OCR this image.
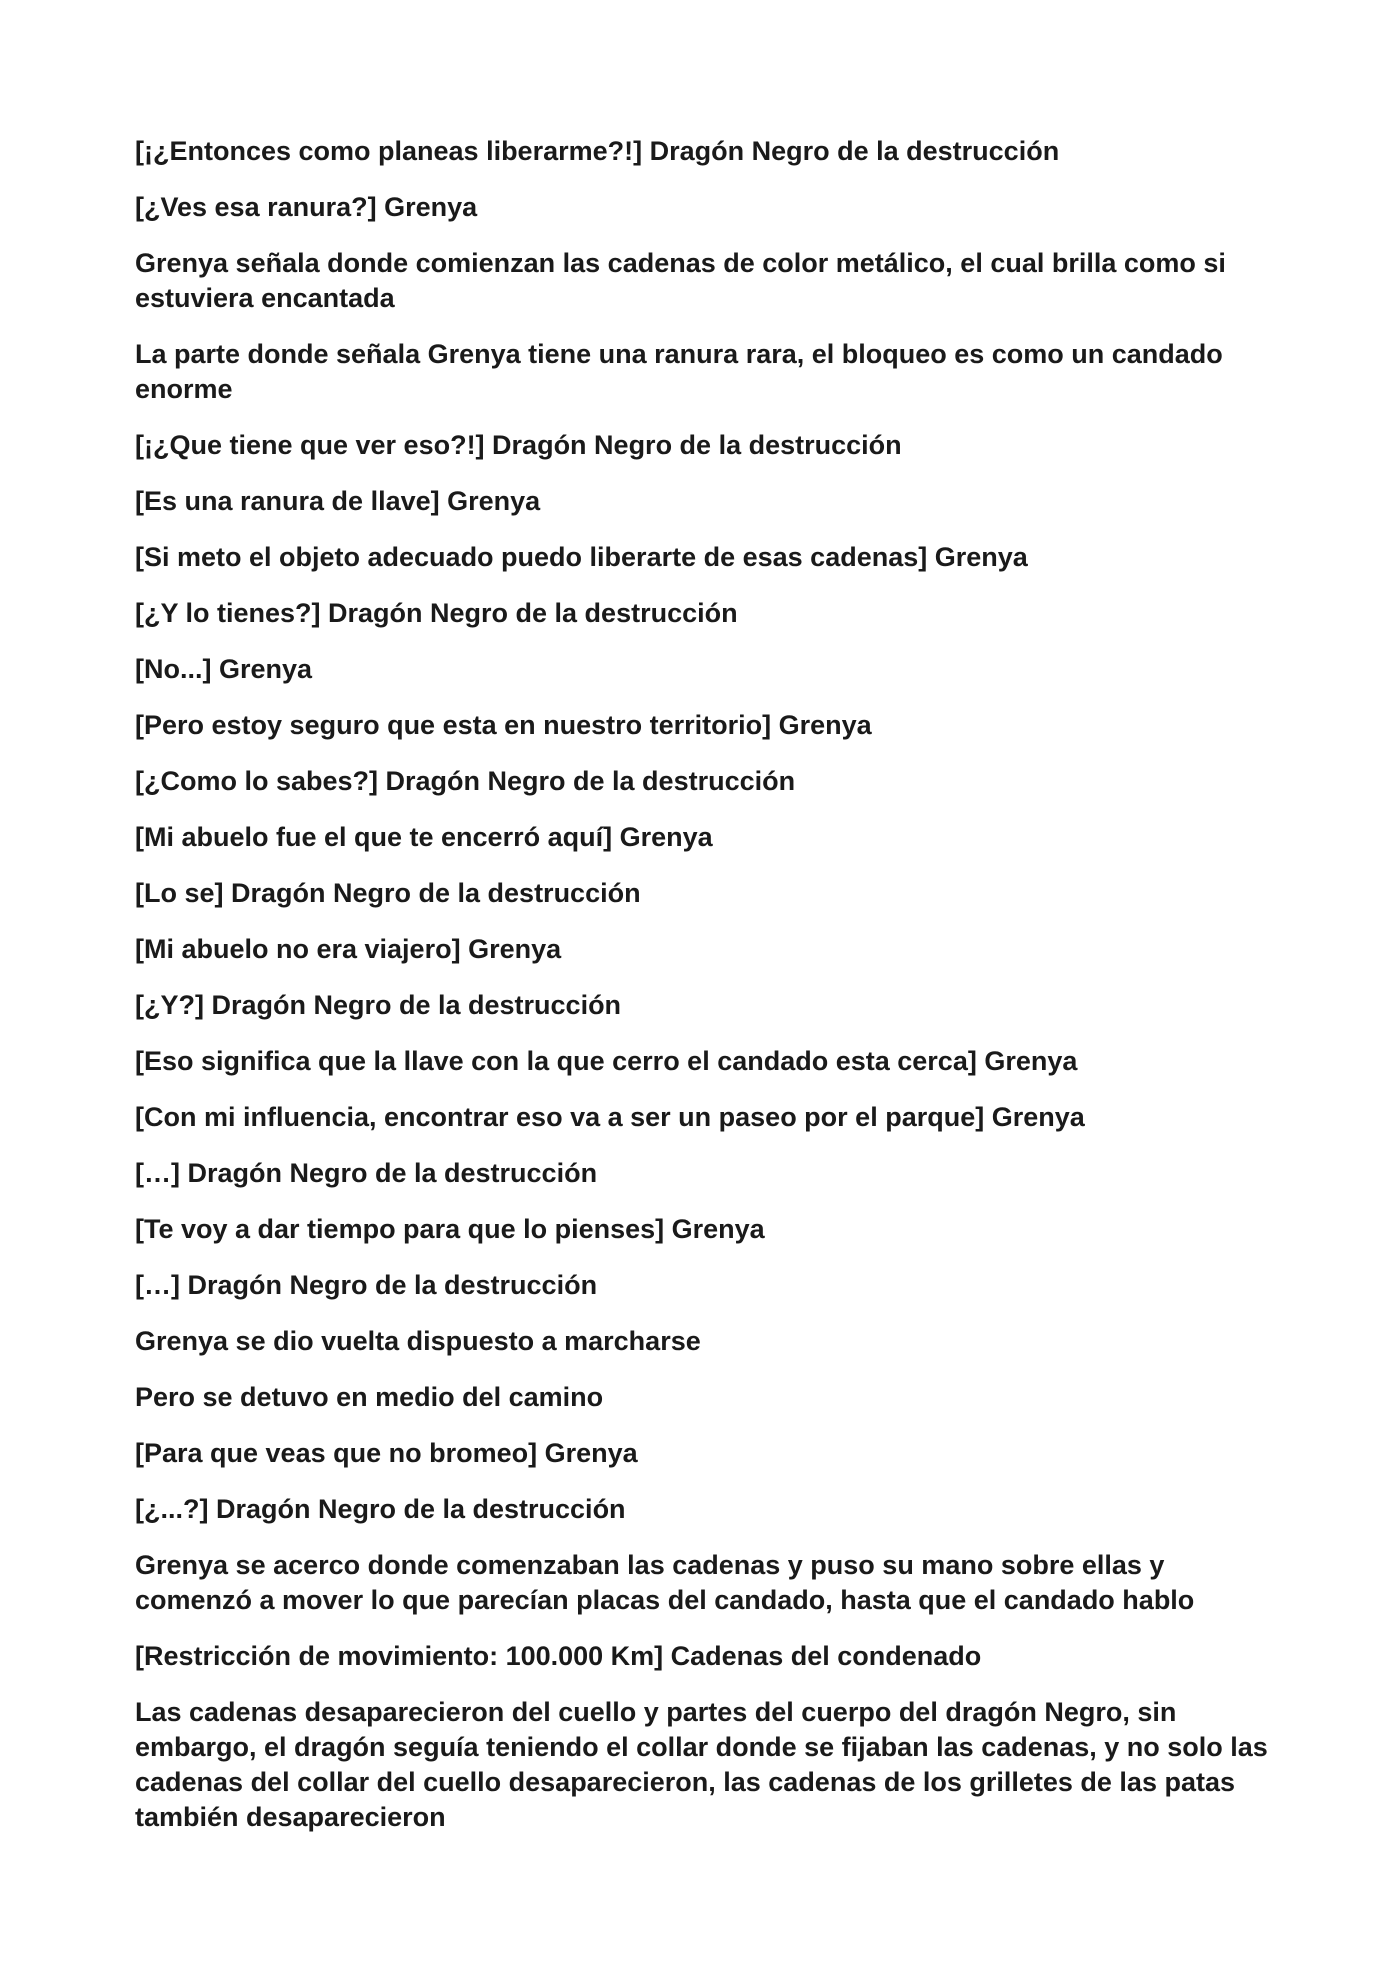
[¡¿Entonces como planeas liberarme?!] Dragón Negro de la destrucción

[¿Ves esa ranura?] Grenya

Grenya señala donde comienzan las cadenas de color metálico, el cual brilla como si estuviera encantada

La parte donde señala Grenya tiene una ranura rara, el bloqueo es como un candado enorme

[¡¿Que tiene que ver eso?!] Dragón Negro de la destrucción

[Es una ranura de llave] Grenya

[Si meto el objeto adecuado puedo liberarte de esas cadenas] Grenya

[¿Y lo tienes?] Dragón Negro de la destrucción

[No...] Grenya

[Pero estoy seguro que esta en nuestro territorio] Grenya

[¿Como lo sabes?] Dragón Negro de la destrucción

[Mi abuelo fue el que te encerró aquí] Grenya

[Lo se] Dragón Negro de la destrucción

[Mi abuelo no era viajero] Grenya

[¿Y?] Dragón Negro de la destrucción

[Eso significa que la llave con la que cerro el candado esta cerca] Grenya

[Con mi influencia, encontrar eso va a ser un paseo por el parque] Grenya

[…] Dragón Negro de la destrucción

[Te voy a dar tiempo para que lo pienses] Grenya

[…] Dragón Negro de la destrucción

Grenya se dio vuelta dispuesto a marcharse

Pero se detuvo en medio del camino

[Para que veas que no bromeo] Grenya

[¿...?] Dragón Negro de la destrucción

Grenya se acerco donde comenzaban las cadenas y puso su mano sobre ellas y comenzó a mover lo que parecían placas del candado, hasta que el candado hablo

[Restricción de movimiento: 100.000 Km] Cadenas del condenado

Las cadenas desaparecieron del cuello y partes del cuerpo del dragón Negro, sin embargo, el dragón seguía teniendo el collar donde se fijaban las cadenas, y no solo las cadenas del collar del cuello desaparecieron, las cadenas de los grilletes de las patas también desaparecieron
